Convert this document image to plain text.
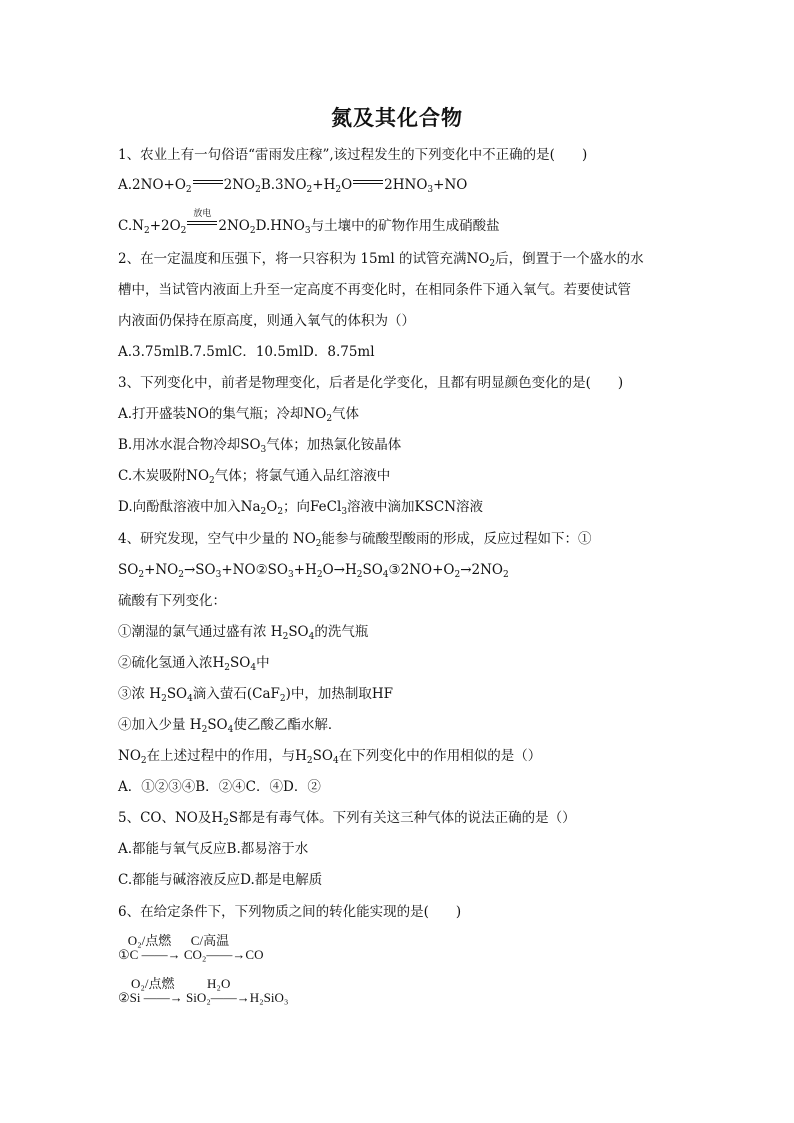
氮及其化合物
1、农业上有一句俗语“雷雨发庄稼”,该过程发生的下列变化中不正确的是(　　)
$A.2NO+O_2$ $2NO_2B.3NO_2+H_2O$ $2HNO_3+NO$
$C.N_2+2O_2$
放电
$2NO_2D.HNO_3$与土壤中的矿物作用生成硝酸盐
2、在一定温度和压强下，将一只容积为 15ml 的试管充满$NO_2$后，倒置于一个盛水的水
槽中，当试管内液面上升至一定高度不再变化时，在相同条件下通入氧气。若要使试管
内液面仍保持在原高度，则通入氧气的体积为（）
A.3.75mlB.7.5mlC．10.5mlD．8.75ml
3、下列变化中，前者是物理变化，后者是化学变化，且都有明显颜色变化的是(　　)
A.打开盛装NO的集气瓶；冷却$NO_2$气体
B.用冰水混合物冷却$SO_3$气体；加热氯化铵晶体
C.木炭吸附$NO_2$气体；将氯气通入品红溶液中
D.向酚酞溶液中加入$Na_2O_2$；向FeCl$_3$溶液中滴加KSCN溶液
4、研究发现，空气中少量的 $NO_2$能参与硫酸型酸雨的形成，反应过程如下：①
$SO_2+NO_2\to SO_3+NO②SO_3+H_2O\to H_2SO_4③2NO+O_2\to 2NO_2$
硫酸有下列变化：
①潮湿的氯气通过盛有浓 $H_2SO_4$的洗气瓶
②硫化氢通入浓$H_2SO_4$中
③浓 $H_2SO_4$滴入萤石(CaF$_2$)中，加热制取HF
④加入少量 $H_2SO_4$使乙酸乙酯水解．
$NO_2$在上述过程中的作用，与$H_2SO_4$在下列变化中的作用相似的是（）
A．①②③④B．②④C．④D．②
5、CO、NO及$H_2S$都是有毒气体。下列有关这三种气体的说法正确的是（）
A.都能与氧气反应B.都易溶于水
C.都能与碱溶液反应D.都是电解质
6、在给定条件下，下列物质之间的转化能实现的是(　　)
O₂/点燃      C/高温
①C ——→ CO₂——→CO
O₂/点燃          H₂O
②Si ——→ SiO₂——→H₂SiO₃
